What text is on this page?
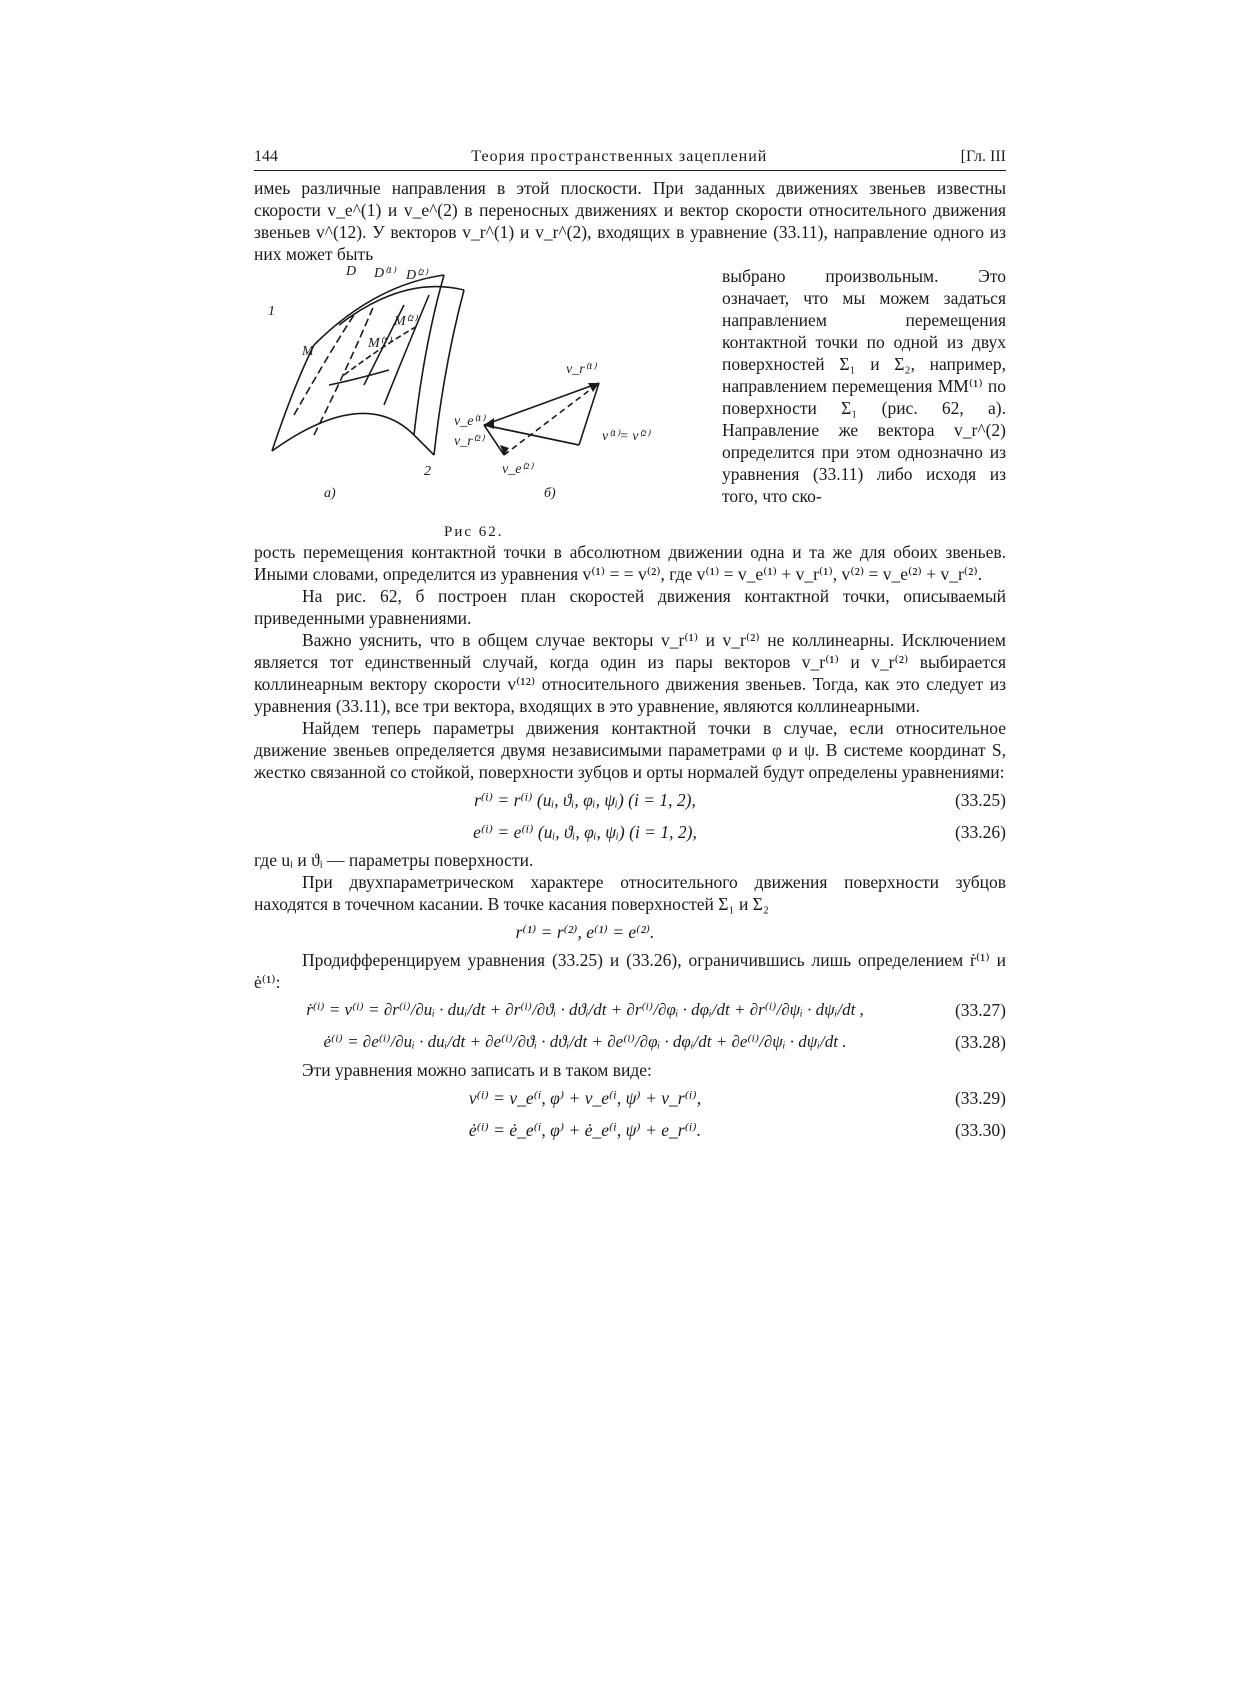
144	Теория пространственных зацеплений	[Гл. III

имеь различные направления в этой плоскости. При заданных движениях звеньев известны скорости v_e^(1) и v_e^(2) в переносных движениях и вектор скорости относительного движения звеньев v^(12). У векторов v_r^(1) и v_r^(2), входящих в уравнение (33.11), направление одного из них может быть

1
2
D D⁽¹⁾ D⁽²⁾
M
M⁽¹⁾
M⁽²⁾
v_r⁽¹⁾
v_e⁽¹⁾
v_r⁽²⁾
v_e⁽²⁾
v⁽¹⁾= v⁽²⁾
а)	б)
Рис 62.

выбрано произвольным. Это означает, что мы можем задаться направлением перемещения контактной точки по одной из двух поверхностей Σ₁ и Σ₂, например, направлением перемещения MM⁽¹⁾ по поверхности Σ₁ (рис. 62, а). Направление же вектора v_r^(2) определится при этом однозначно из уравнения (33.11) либо исходя из того, что ско-

рость перемещения контактной точки в абсолютном движении одна и та же для обоих звеньев. Иными словами, определится из уравнения v⁽¹⁾ = = v⁽²⁾, где v⁽¹⁾ = v_e⁽¹⁾ + v_r⁽¹⁾, v⁽²⁾ = v_e⁽²⁾ + v_r⁽²⁾.

На рис. 62, б построен план скоростей движения контактной точки, описываемый приведенными уравнениями.

Важно уяснить, что в общем случае векторы v_r⁽¹⁾ и v_r⁽²⁾ не коллинеарны. Исключением является тот единственный случай, когда один из пары векторов v_r⁽¹⁾ и v_r⁽²⁾ выбирается коллинеарным вектору скорости v⁽¹²⁾ относительного движения звеньев. Тогда, как это следует из уравнения (33.11), все три вектора, входящих в это уравнение, являются коллинеарными.

Найдем теперь параметры движения контактной точки в случае, если относительное движение звеньев определяется двумя независимыми параметрами φ и ψ. В системе координат S, жестко связанной со стойкой, поверхности зубцов и орты нормалей будут определены уравнениями:

r⁽ⁱ⁾ = r⁽ⁱ⁾ (uᵢ, ϑᵢ, φᵢ, ψᵢ) (i = 1, 2),	(33.25)
e⁽ⁱ⁾ = e⁽ⁱ⁾ (uᵢ, ϑᵢ, φᵢ, ψᵢ) (i = 1, 2),	(33.26)

где uᵢ и ϑᵢ — параметры поверхности.

При двухпараметрическом характере относительного движения поверхности зубцов находятся в точечном касании. В точке касания поверхностей Σ₁ и Σ₂

r⁽¹⁾ = r⁽²⁾, e⁽¹⁾ = e⁽²⁾.

Продифференцируем уравнения (33.25) и (33.26), ограничившись лишь определением ṙ⁽¹⁾ и ė⁽¹⁾:

ṙ⁽ⁱ⁾ = v⁽ⁱ⁾ = ∂r⁽ⁱ⁾/∂uᵢ · duᵢ/dt + ∂r⁽ⁱ⁾/∂ϑᵢ · dϑᵢ/dt + ∂r⁽ⁱ⁾/∂φᵢ · dφᵢ/dt + ∂r⁽ⁱ⁾/∂ψᵢ · dψᵢ/dt ,	(33.27)
ė⁽ⁱ⁾ = ∂e⁽ⁱ⁾/∂uᵢ · duᵢ/dt + ∂e⁽ⁱ⁾/∂ϑᵢ · dϑᵢ/dt + ∂e⁽ⁱ⁾/∂φᵢ · dφᵢ/dt + ∂e⁽ⁱ⁾/∂ψᵢ · dψᵢ/dt .	(33.28)

Эти уравнения можно записать и в таком виде:

v⁽ⁱ⁾ = v_e⁽ⁱ, φ⁾ + v_e⁽ⁱ, ψ⁾ + v_r⁽ⁱ⁾,	(33.29)
ė⁽ⁱ⁾ = ė_e⁽ⁱ, φ⁾ + ė_e⁽ⁱ, ψ⁾ + e_r⁽ⁱ⁾.	(33.30)
